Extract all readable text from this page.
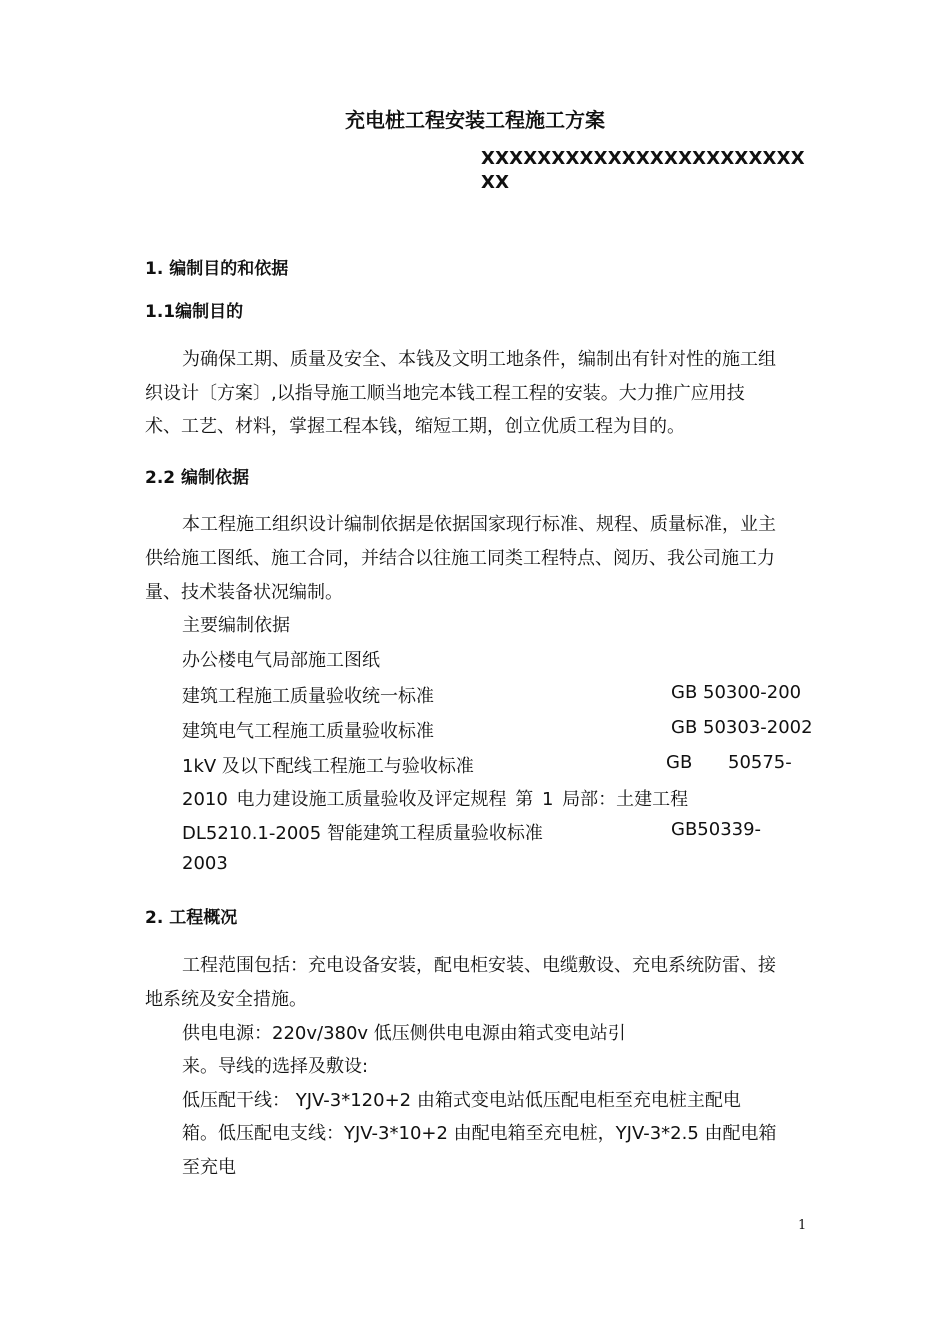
充电桩工程安装工程施工方案
XXXXXXXXXXXXXXXXXXXXXXX
XX
1. 编制目的和依据
1.1编制目的
为确保工期、质量及安全、本钱及文明工地条件，编制出有针对性的施工组
织设计〔方案〕,以指导施工顺当地完本钱工程工程的安装。大力推广应用技
术、工艺、材料，掌握工程本钱，缩短工期，创立优质工程为目的。
2.2 编制依据
本工程施工组织设计编制依据是依据国家现行标准、规程、质量标准，业主
供给施工图纸、施工合同，并结合以往施工同类工程特点、阅历、我公司施工力
量、技术装备状况编制。
主要编制依据
办公楼电气局部施工图纸
建筑工程施工质量验收统一标准	GB 50300-200
建筑电气工程施工质量验收标准	GB 50303-2002
1kV 及以下配线工程施工与验收标准	GB 50575-
2010 电力建设施工质量验收及评定规程 第 1 局部：土建工程
DL5210.1-2005 智能建筑工程质量验收标准	GB50339-
2003
2. 工程概况
工程范围包括：充电设备安装，配电柜安装、电缆敷设、充电系统防雷、接
地系统及安全措施。
供电电源：220v/380v 低压侧供电电源由箱式变电站引
来。导线的选择及敷设:
低压配干线： YJV-3*120+2 由箱式变电站低压配电柜至充电桩主配电
箱。低压配电支线：YJV-3*10+2 由配电箱至充电桩，YJV-3*2.5 由配电箱
至充电
1
